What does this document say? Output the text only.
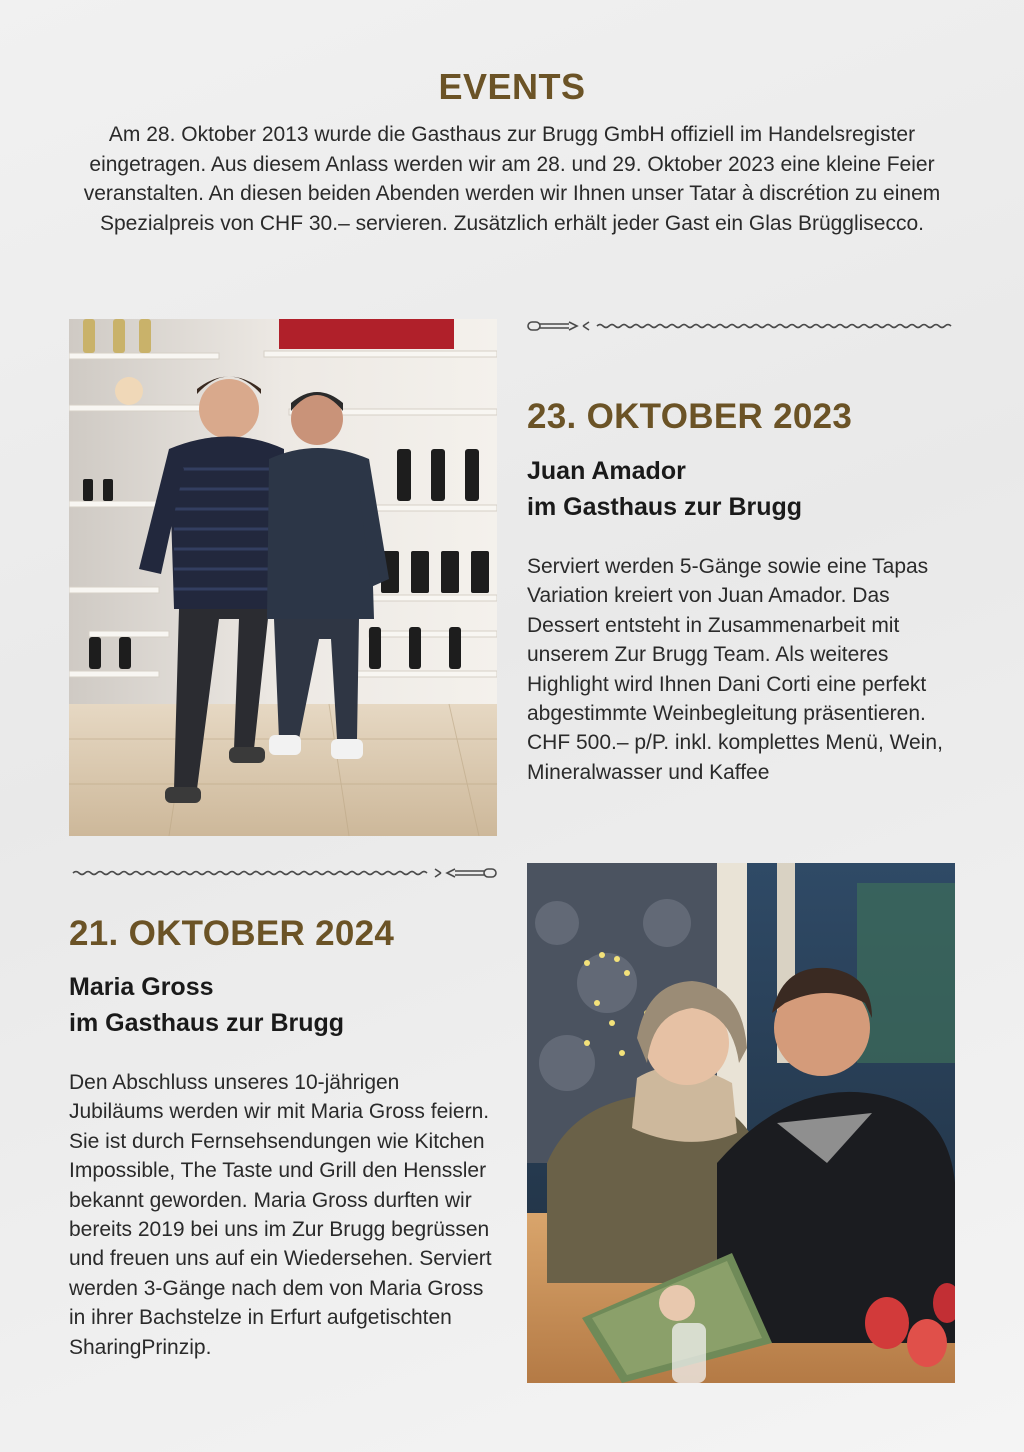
EVENTS
Am 28. Oktober 2013 wurde die Gasthaus zur Brugg GmbH offiziell im Handelsregister eingetragen. Aus diesem Anlass werden wir am 28. und 29. Oktober 2023 eine kleine Feier veranstalten. An diesen beiden Abenden werden wir Ihnen unser Tatar à discrétion zu einem Spezialpreis von CHF 30.– servieren. Zusätzlich erhält jeder Gast ein Glas Brügglisecco.
23. OKTOBER 2023
Juan Amador
im Gasthaus zur Brugg

Serviert werden 5-Gänge sowie eine Tapas Variation kreiert von Juan Amador. Das Dessert entsteht in Zusammenarbeit mit unserem Zur Brugg Team. Als weiteres Highlight wird Ihnen Dani Corti eine perfekt abgestimmte Weinbegleitung präsentieren.

CHF 500.– p/P. inkl. komplettes Menü, Wein, Mineralwasser und Kaffee

21. OKTOBER 2024
Maria Gross
im Gasthaus zur Brugg

Den Abschluss unseres 10-jährigen Jubiläums werden wir mit Maria Gross feiern. Sie ist durch Fernsehsendungen wie Kitchen Impossible, The Taste und Grill den Henssler bekannt geworden. Maria Gross durften wir bereits 2019 bei uns im Zur Brugg begrüssen und freuen uns auf ein Wiedersehen. Serviert werden 3-Gänge nach dem von Maria Gross in ihrer Bachstelze in Erfurt aufgetischten SharingPrinzip.
